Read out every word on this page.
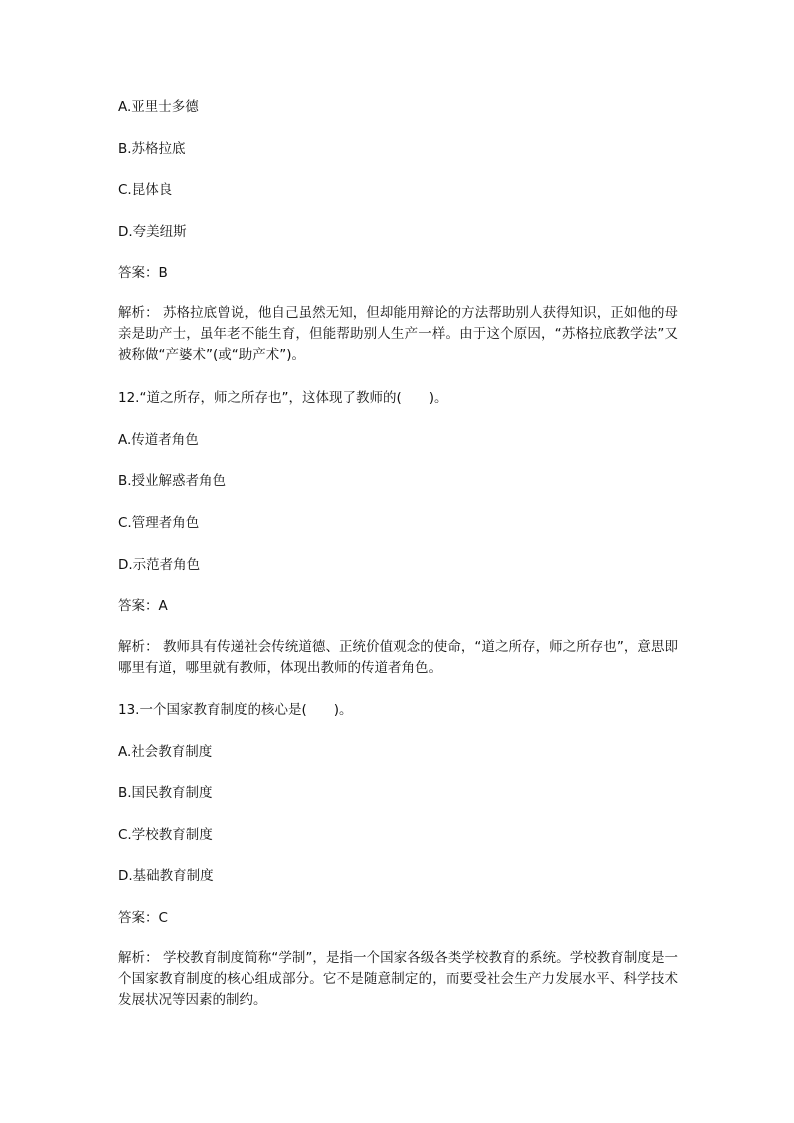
A.亚里士多德
B.苏格拉底
C.昆体良
D.夸美纽斯
答案：B
解析： 苏格拉底曾说，他自己虽然无知，但却能用辩论的方法帮助别人获得知识，正如他的母亲是助产士，虽年老不能生育，但能帮助别人生产一样。由于这个原因，“苏格拉底教学法”又被称做“产婆术”(或“助产术”)。
12.“道之所存，师之所存也”，这体现了教师的(　　)。
A.传道者角色
B.授业解惑者角色
C.管理者角色
D.示范者角色
答案：A
解析： 教师具有传递社会传统道德、正统价值观念的使命，“道之所存，师之所存也”，意思即哪里有道，哪里就有教师，体现出教师的传道者角色。
13.一个国家教育制度的核心是(　　)。
A.社会教育制度
B.国民教育制度
C.学校教育制度
D.基础教育制度
答案：C
解析： 学校教育制度简称“学制”，是指一个国家各级各类学校教育的系统。学校教育制度是一个国家教育制度的核心组成部分。它不是随意制定的，而要受社会生产力发展水平、科学技术发展状况等因素的制约。
